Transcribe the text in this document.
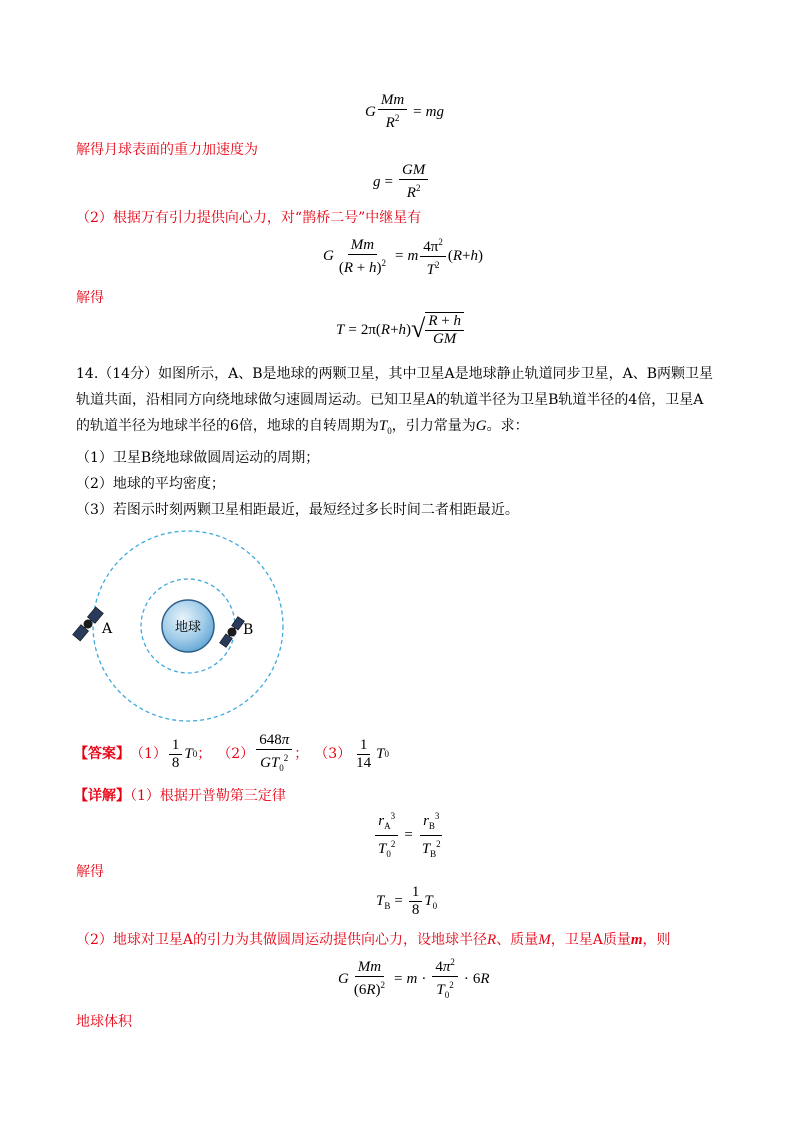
G $\frac{Mm}{R^2}$ = mg
解得月球表面的重力加速度为
$g = \frac{GM}{R^2}$
（2）根据万有引力提供向心力，对“鹊桥二号”中继星有
G $\frac{Mm}{(R + h)^2} = m \frac{4\pi^2}{T^2}$ ( R + h )
解得
T = 2π( R + h ) √ $\frac{R + h}{GM}$
14.（14分）如图所示，A、B是地球的两颗卫星，其中卫星A是地球静止轨道同步卫星，A、B两颗卫星
轨道共面，沿相同方向绕地球做匀速圆周运动。已知卫星A的轨道半径为卫星B轨道半径的4倍，卫星A
的轨道半径为地球半径的6倍，地球的自转周期为$T_0$，引力常量为G。求：
（1）卫星B绕地球做圆周运动的周期；
（2）地球的平均密度；
（3）若图示时刻两颗卫星相距最近，最短经过多长时间二者相距最近。
地球
A	B
【答案】 $(1) \frac{1}{8}$ T 0 ； $(2) \frac{648\pi}{GT_0^2}$ ； $(3) \frac{1}{14}$ T 0
【详解】（1）根据开普勒第三定律
$\frac{r_A^3}{T_0^2} = \frac{r_B^3}{T_B^2}$
解得
$T_B = \frac{1}{8} T_0$
（2）地球对卫星A的引力为其做圆周运动提供向心力，设地球半径R、质量M，卫星A质量m，则
G $\frac{Mm}{(6R)^2} = m \cdot \frac{4\pi^2}{T_0^2} \cdot 6R$
地球体积
